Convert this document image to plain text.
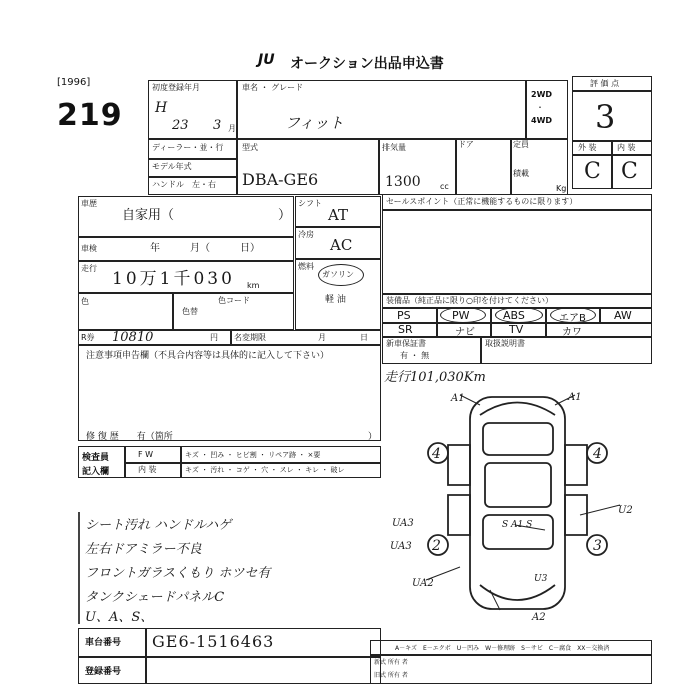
[1996]
219
JU オークション出品申込書
初度登録年月
H
23 3 月
ディーラー・並・行
モデル年式
ハンドル　左・右
車名 ・ グレード
フィット
型式
DBA-GE6
排気量
1300 cc
ドア	定員
積載
Kg
2WD
・
4WD
評 価 点
3
外 装	内 装
C C
車歴
自家用（　　　　　　　　）
車検	年　　　月（　　　日）
走行
10万1千030 km
色
色替
色コード
シフト
AT
冷房
AC
燃料
ガソリン
軽 油
セールスポイント（正常に機能するものに限ります）
装備品（純正品に限り○印を付けてください）
PS	PW	ABS	エアB	AW
SR	ナビ	TV	カワ
新車保証書
有 ・ 無
取扱説明書
R券 10810	円 名変期限	月	日
注意事項申告欄（不具合内容等は具体的に記入して下さい）
修 復 歴　　有（箇所	）
検査員
記入欄
F W	キズ ・ 凹み ・ ヒビ割 ・ リペア跡 ・ ×要
内 装	キズ ・ 汚れ ・ コゲ ・ 穴 ・ スレ ・ キレ ・ 破レ
シート汚れ ハンドルハゲ
左右ドアミラー不良
フロントガラスくもり ホツセ有
タンクシェードパネルC
U、A、S、
走行101,030Km
A1	A1
UA3
UA3
UA2
U2
A2
S A1 S
U3
4	4
2	3
車台番号 GE6-1516463
登録番号
A－キズ　E－エクボ　U－凹み　W－修理跡　S－サビ　C－腐食　XX－交換済
新式 所有 者
旧式 所有 者
